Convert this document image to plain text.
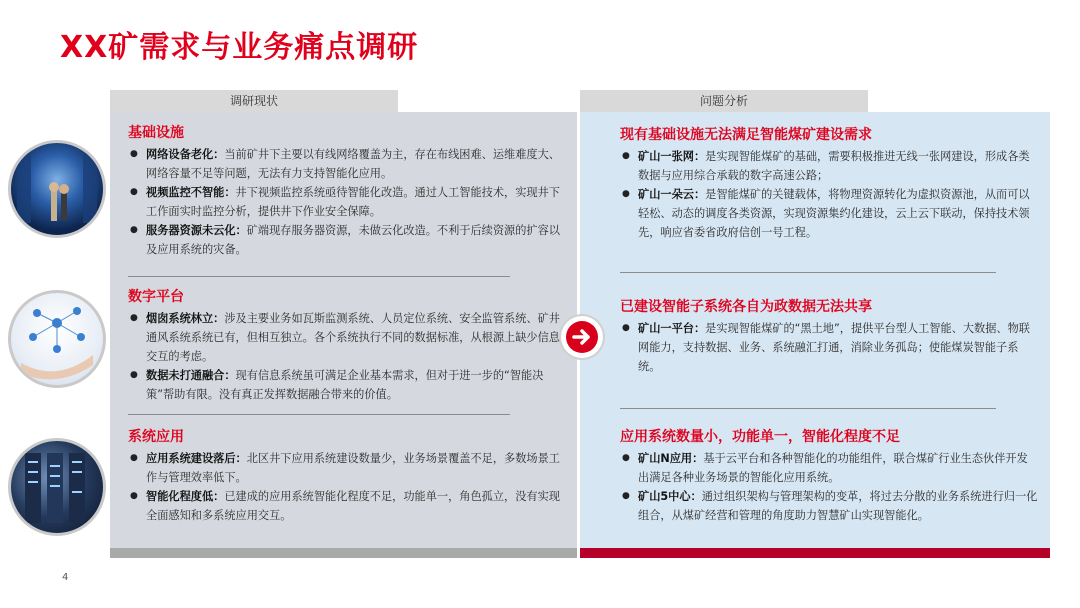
XX矿需求与业务痛点调研
调研现状	问题分析
基础设施
● 网络设备老化：当前矿井下主要以有线网络覆盖为主，存在布线困难、运维难度大、网络容量不足等问题，无法有力支持智能化应用。
● 视频监控不智能：井下视频监控系统亟待智能化改造。通过人工智能技术，实现井下工作面实时监控分析，提供井下作业安全保障。
● 服务器资源未云化：矿端现存服务器资源，未做云化改造。不利于后续资源的扩容以及应用系统的灾备。
数字平台
● 烟囱系统林立：涉及主要业务如瓦斯监测系统、人员定位系统、安全监管系统、矿井通风系统系统已有，但相互独立。各个系统执行不同的数据标准，从根源上缺少信息交互的考虑。
● 数据未打通融合：现有信息系统虽可满足企业基本需求，但对于进一步的“智能决策”帮助有限。没有真正发挥数据融合带来的价值。
系统应用
● 应用系统建设落后：北区井下应用系统建设数量少，业务场景覆盖不足，多数场景工作与管理效率低下。
● 智能化程度低：已建成的应用系统智能化程度不足，功能单一，角色孤立，没有实现全面感知和多系统应用交互。
现有基础设施无法满足智能煤矿建设需求
● 矿山一张网：是实现智能煤矿的基础，需要积极推进无线一张网建设，形成各类数据与应用综合承载的数字高速公路；
● 矿山一朵云：是智能煤矿的关键载体，将物理资源转化为虚拟资源池，从而可以轻松、动态的调度各类资源，实现资源集约化建设，云上云下联动，保持技术领先，响应省委省政府信创一号工程。
已建设智能子系统各自为政数据无法共享
● 矿山一平台：是实现智能煤矿的“黑土地”，提供平台型人工智能、大数据、物联网能力，支持数据、业务、系统融汇打通，消除业务孤岛；使能煤炭智能子系统。
应用系统数量小，功能单一，智能化程度不足
● 矿山N应用：基于云平台和各种智能化的功能组件，联合煤矿行业生态伙伴开发出满足各种业务场景的智能化应用系统。
● 矿山5中心：通过组织架构与管理架构的变革，将过去分散的业务系统进行归一化组合，从煤矿经营和管理的角度助力智慧矿山实现智能化。
4
